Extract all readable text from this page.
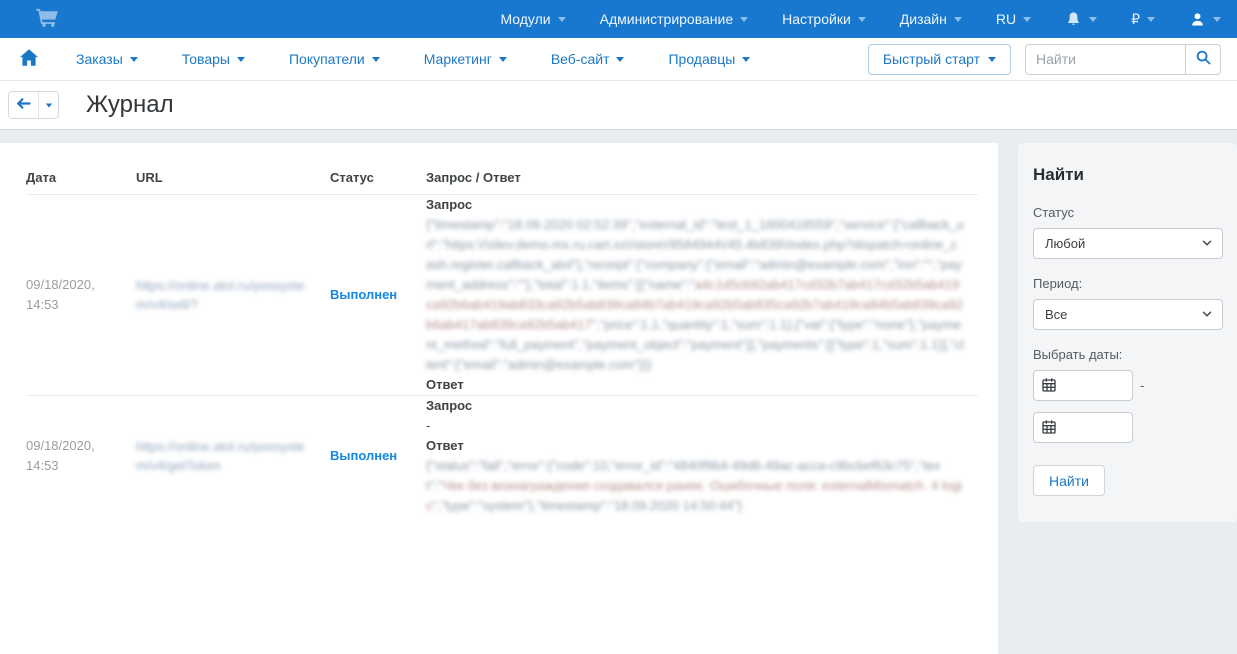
Модули	Администрирование	Настройки	Дизайн	RU	₽
Заказы	Товары	Покупатели	Маркетинг	Веб-сайт	Продавцы	Быстрый старт
Найти
Журнал
Дата	URL	Статус	Запрос / Ответ
09/18/2020, 14:53	https://online.atol.ru/possystem/v4/sell/?	Выполнен	Запрос
{"timestamp":"18.09.2020 02:52:39","external_id":"test_1_1600418559","service":{"callback_url":"https:\/\/dev.demo.mx.ru.cart.xx\/store\/9584944\/45.4b839\/index.php?dispatch=online_cash.register.callback_atol"},"receipt":{"company":{"email":"admin@example.com","inn":"","payment_address":""},"total":1.1,"items":[{"name":"a4c1d5cb92ab417cd32b7ab417cd32b5ab419ca92b6ab419ab833ca92b5ab839ca84b7ab419ca92b5ab835ca92b7ab419ca84b5ab839ca92b6ab417ab839ca92b5ab417","price":1.1,"quantity":1,"sum":1.1},{"vat":{"type":"none"},"payment_method":"full_payment","payment_object":"payment"}],"payments":[{"type":1,"sum":1.1}],"client":{"email":"admin@example.com"}}}
Ответ

09/18/2020, 14:53	https://online.atol.ru/possystem/v4/getToken	Выполнен	Запрос
-
Ответ
{"status":"fail","error":{"code":10,"error_id":"4840f9b4-49d6-49ac-acca-c9bcbef63c75","text":"Чек без вознаграждения создавался ранее. Ошибочные поля: externalMismatch. 4 logic","type":"system"},"timestamp":"18.09.2020 14:50:44"}
Найти
Статус
Любой
Период:
Все
Выбрать даты:
-
Найти
